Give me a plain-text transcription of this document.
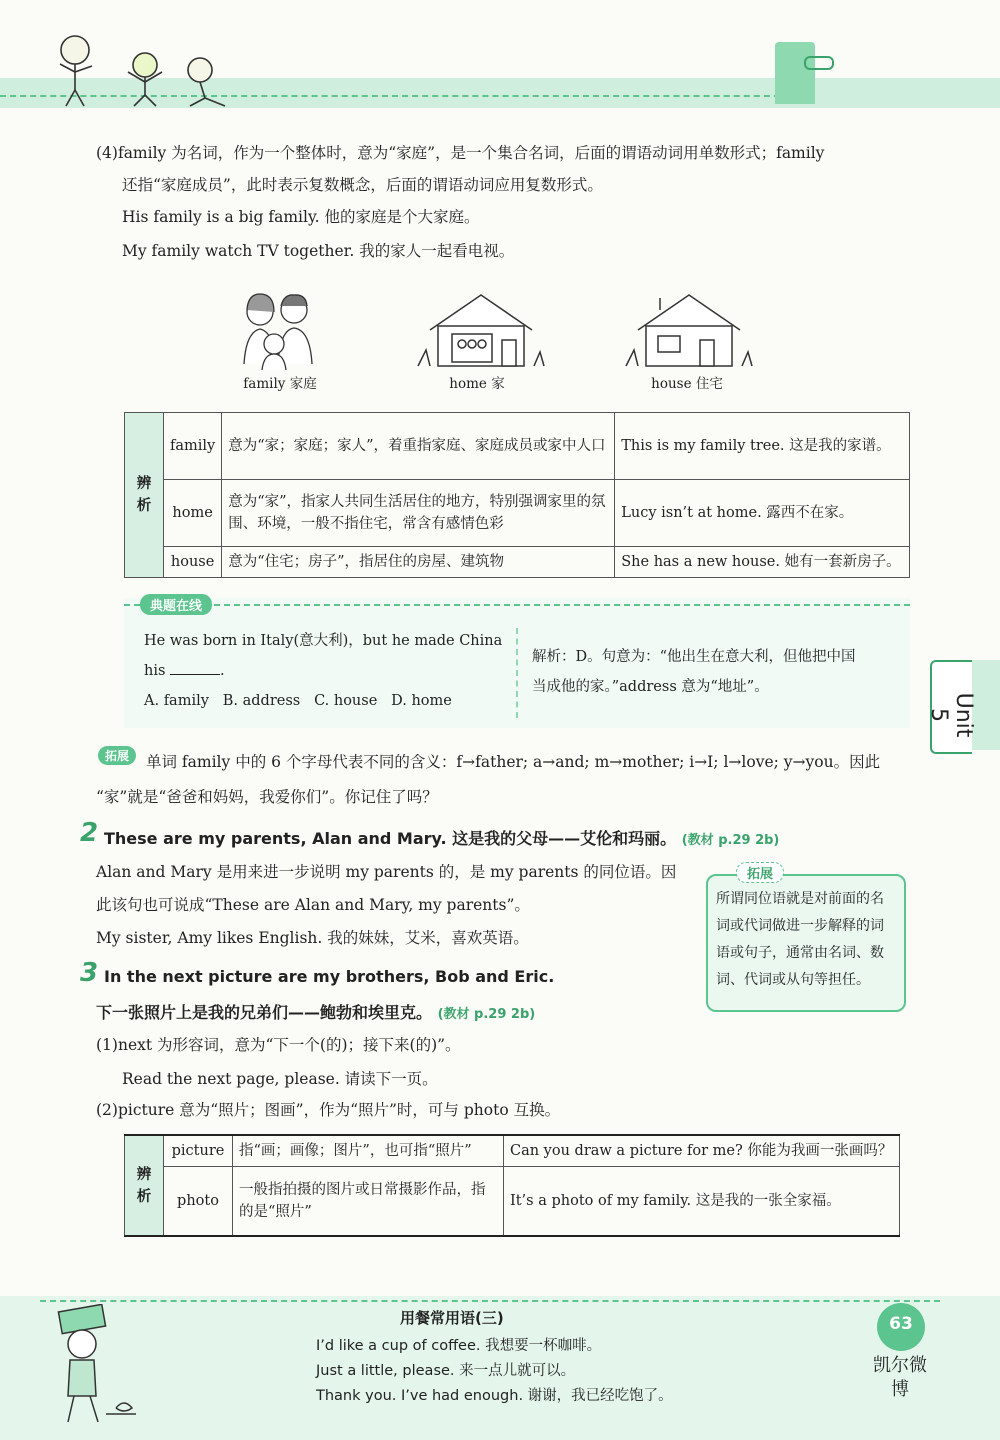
Unit 5
(4)family 为名词，作为一个整体时，意为“家庭”，是一个集合名词，后面的谓语动词用单数形式；family
还指“家庭成员”，此时表示复数概念，后面的谓语动词应用复数形式。
His family is a big family. 他的家庭是个大家庭。
My family watch TV together. 我的家人一起看电视。
family 家庭	home 家	house 住宅
辨析	family	意为“家；家庭；家人”，着重指家庭、家庭成员或家中人口	This is my family tree. 这是我的家谱。
	home	意为“家”，指家人共同生活居住的地方，特别强调家里的氛围、环境，一般不指住宅，常含有感情色彩	Lucy isn’t at home. 露西不在家。
	house	意为“住宅；房子”，指居住的房屋、建筑物	She has a new house. 她有一套新房子。
典题在线
He was born in Italy(意大利)，but he made China
his	.
A. family B. address C. house D. home
解析：D。句意为：“他出生在意大利，但他把中国
当成他的家。”address 意为“地址”。
拓展	单词 family 中的 6 个字母代表不同的含义：f→father; a→and; m→mother; i→I; l→love; y→you。因此
“家”就是“爸爸和妈妈，我爱你们”。你记住了吗？
2 These are my parents, Alan and Mary. 这是我的父母——艾伦和玛丽。 (教材 p.29 2b)
Alan and Mary 是用来进一步说明 my parents 的，是 my parents 的同位语。因
此该句也可说成“These are Alan and Mary, my parents”。
My sister, Amy likes English. 我的妹妹，艾米，喜欢英语。
拓展
所谓同位语就是对前面的名词或代词做进一步解释的词语或句子，通常由名词、数词、代词或从句等担任。
3 In the next picture are my brothers, Bob and Eric.
下一张照片上是我的兄弟们——鲍勃和埃里克。 (教材 p.29 2b)
(1)next 为形容词，意为“下一个(的)；接下来(的)”。
Read the next page, please. 请读下一页。
(2)picture 意为“照片；图画”，作为“照片”时，可与 photo 互换。
辨析	picture	指“画；画像；图片”，也可指“照片”	Can you draw a picture for me? 你能为我画一张画吗？
	photo	一般指拍摄的图片或日常摄影作品，指的是“照片”	It’s a photo of my family. 这是我的一张全家福。
用餐常用语(三)
I’d like a cup of coffee. 我想要一杯咖啡。
Just a little, please. 来一点儿就可以。
Thank you. I’ve had enough. 谢谢，我已经吃饱了。
63
凯尔微博
